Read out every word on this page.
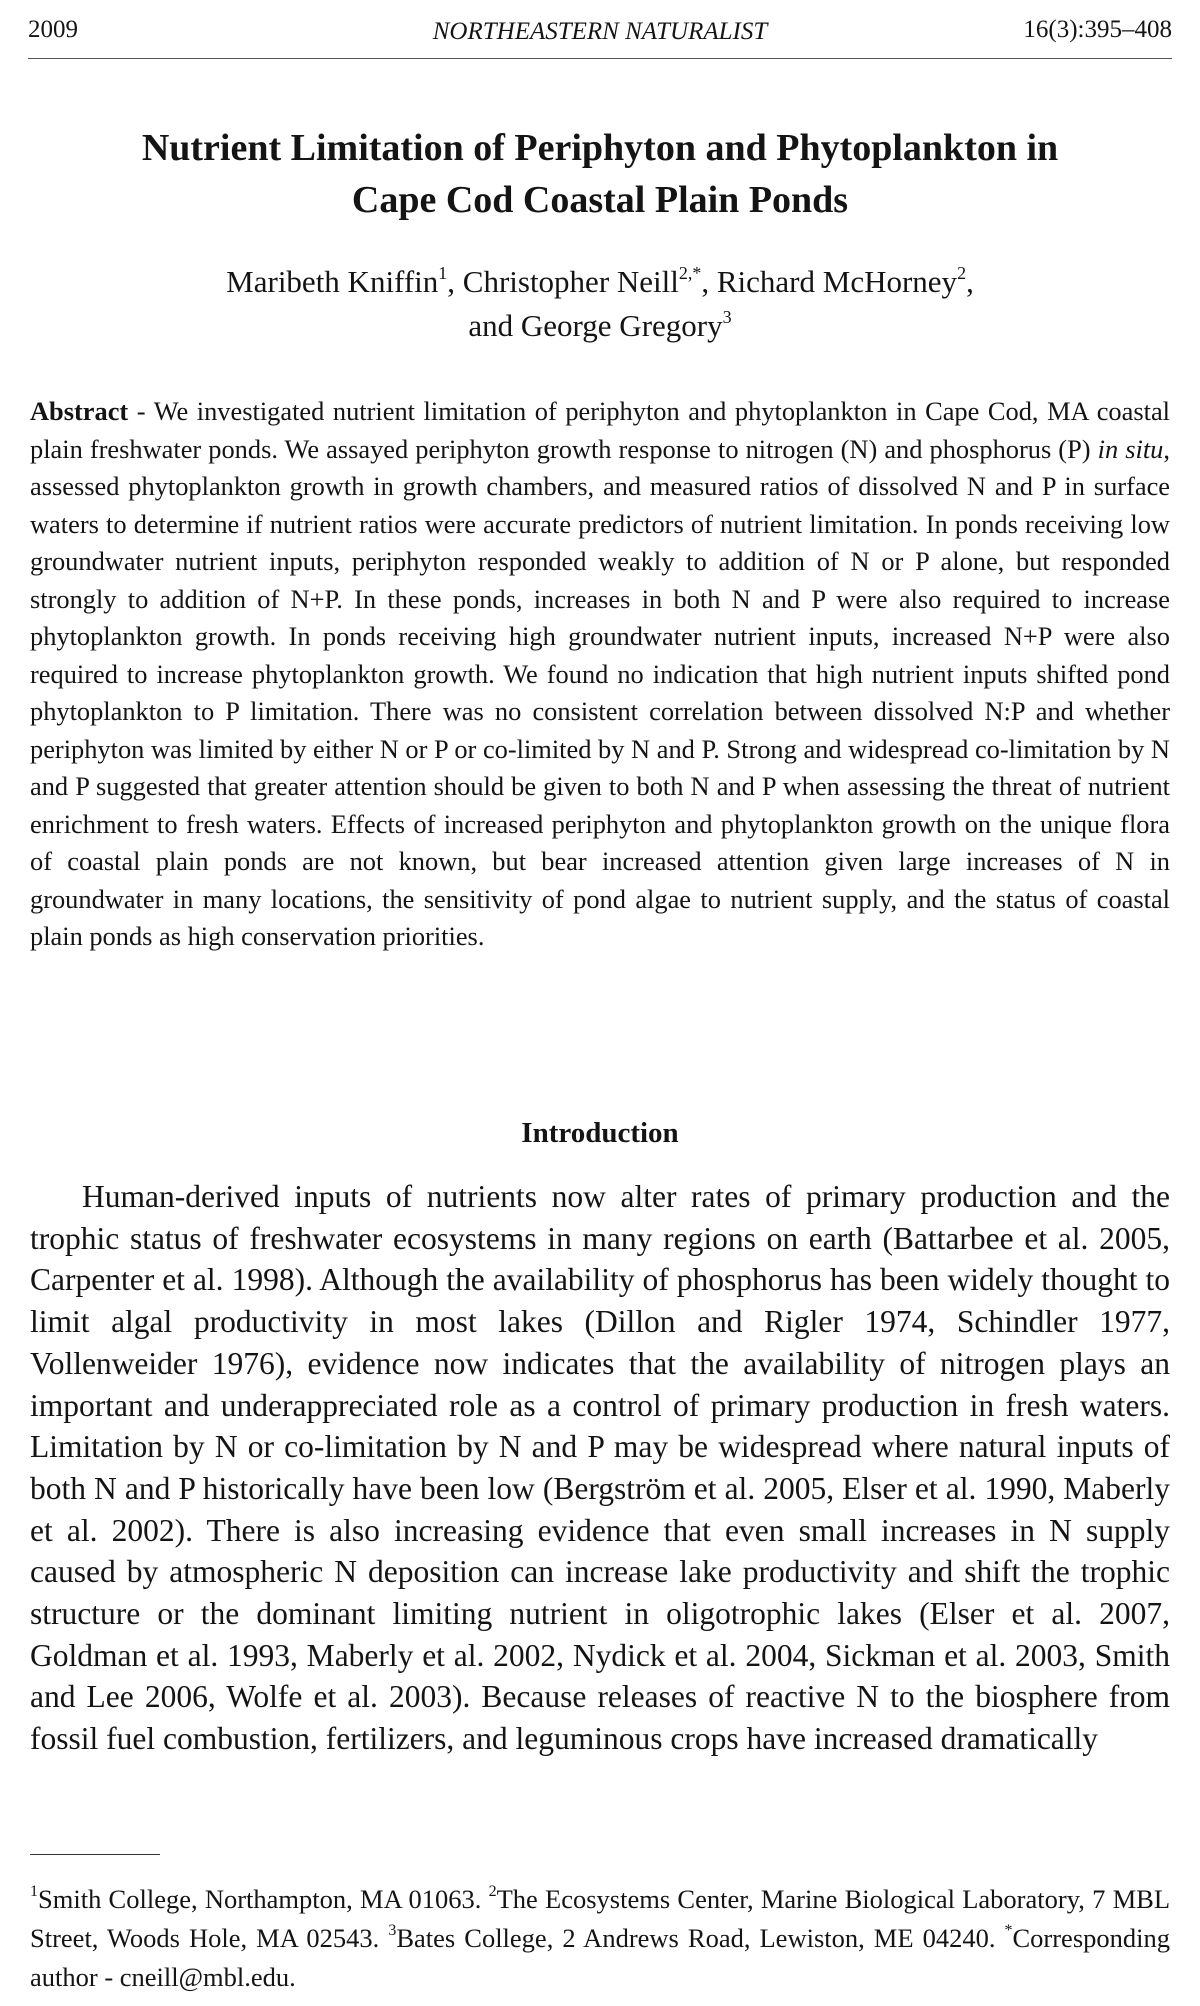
2009	NORTHEASTERN NATURALIST	16(3):395–408
Nutrient Limitation of Periphyton and Phytoplankton in
Cape Cod Coastal Plain Ponds
Maribeth Kniffin$^1$, Christopher Neill$^{2,*}$, Richard McHorney$^2$,
and George Gregory$^3$

Abstract - We investigated nutrient limitation of periphyton and phytoplankton in Cape Cod, MA coastal plain freshwater ponds. We assayed periphyton growth response to nitrogen (N) and phosphorus (P) in situ, assessed phytoplankton growth in growth chambers, and measured ratios of dissolved N and P in surface waters to determine if nutrient ratios were accurate predictors of nutrient limitation. In ponds receiving low groundwater nutrient inputs, periphyton responded weakly to addition of N or P alone, but responded strongly to addition of N+P. In these ponds, increases in both N and P were also required to increase phytoplankton growth. In ponds receiving high groundwater nutrient inputs, increased N+P were also required to increase phytoplankton growth. We found no indication that high nutrient inputs shifted pond phytoplankton to P limitation. There was no consistent correlation between dissolved N:P and whether periphyton was limited by either N or P or co-limited by N and P. Strong and widespread co-limitation by N and P suggested that greater attention should be given to both N and P when assessing the threat of nutrient enrichment to fresh waters. Effects of increased periphyton and phytoplankton growth on the unique flora of coastal plain ponds are not known, but bear increased attention given large increases of N in groundwater in many locations, the sensitivity of pond algae to nutrient supply, and the status of coastal plain ponds as high conservation priorities.

Introduction

Human-derived inputs of nutrients now alter rates of primary production and the trophic status of freshwater ecosystems in many regions on earth (Battarbee et al. 2005, Carpenter et al. 1998). Although the availability of phosphorus has been widely thought to limit algal productivity in most lakes (Dillon and Rigler 1974, Schindler 1977, Vollenweider 1976), evidence now indicates that the availability of nitrogen plays an important and underappreciated role as a control of primary production in fresh waters. Limitation by N or co-limitation by N and P may be widespread where natural inputs of both N and P historically have been low (Bergström et al. 2005, Elser et al. 1990, Maberly et al. 2002). There is also increasing evidence that even small increases in N supply caused by atmospheric N deposition can increase lake productivity and shift the trophic structure or the dominant limiting nutrient in oligotrophic lakes (Elser et al. 2007, Goldman et al. 1993, Maberly et al. 2002, Nydick et al. 2004, Sickman et al. 2003, Smith and Lee 2006, Wolfe et al. 2003). Because releases of reactive N to the biosphere from fossil fuel combustion, fertilizers, and leguminous crops have increased dramatically

$^1$Smith College, Northampton, MA 01063. $^2$The Ecosystems Center, Marine Biological Laboratory, 7 MBL Street, Woods Hole, MA 02543. $^3$Bates College, 2 Andrews Road, Lewiston, ME 04240. *Corresponding author - cneill@mbl.edu.
